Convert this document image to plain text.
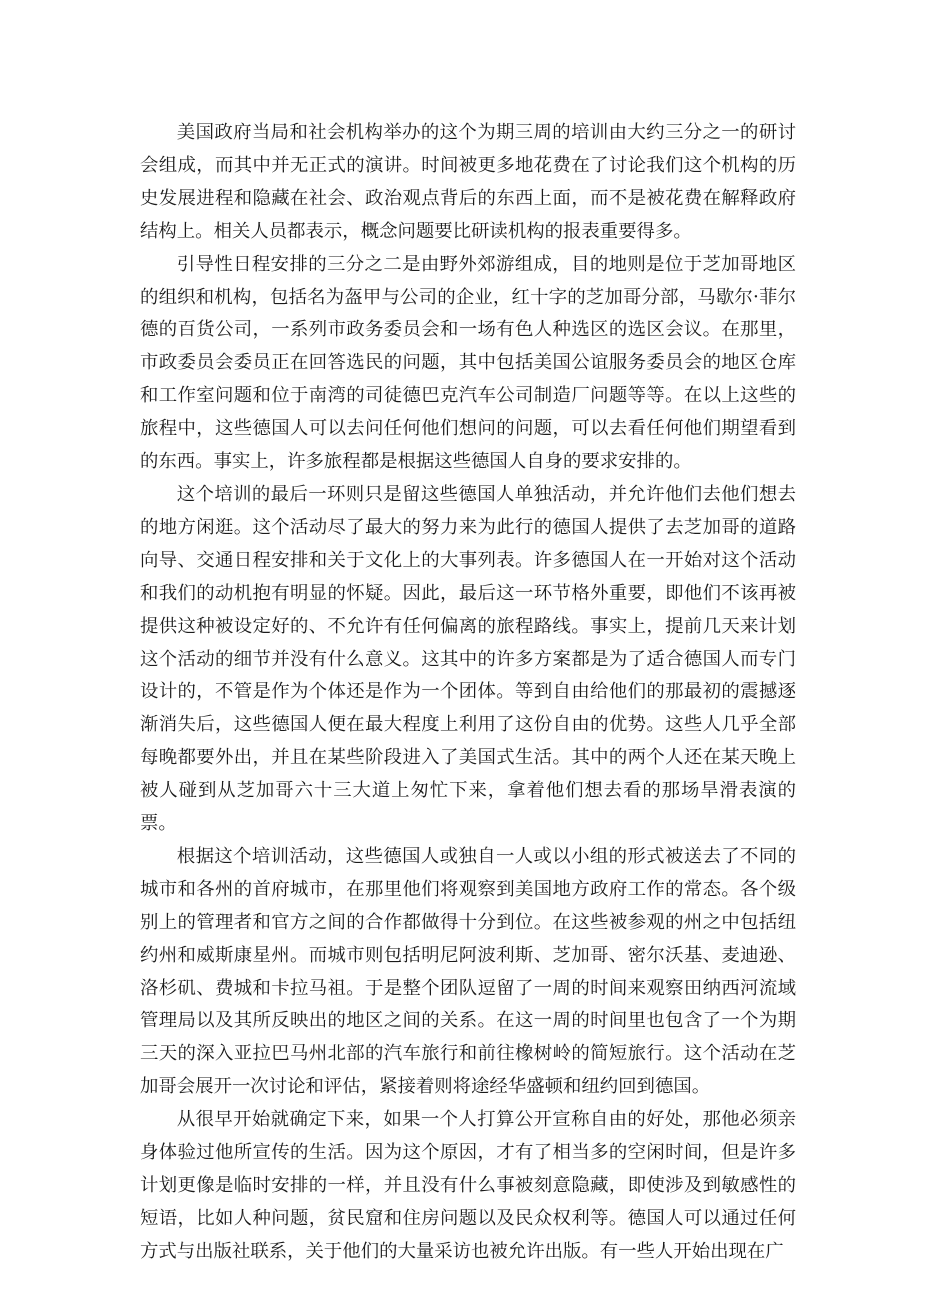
美国政府当局和社会机构举办的这个为期三周的培训由大约三分之一的研讨会组成，而其中并无正式的演讲。时间被更多地花费在了讨论我们这个机构的历史发展进程和隐藏在社会、政治观点背后的东西上面，而不是被花费在解释政府结构上。相关人员都表示，概念问题要比研读机构的报表重要得多。

引导性日程安排的三分之二是由野外郊游组成，目的地则是位于芝加哥地区的组织和机构，包括名为盔甲与公司的企业，红十字的芝加哥分部，马歇尔·菲尔德的百货公司，一系列市政务委员会和一场有色人种选区的选区会议。在那里，市政委员会委员正在回答选民的问题，其中包括美国公谊服务委员会的地区仓库和工作室问题和位于南湾的司徒德巴克汽车公司制造厂问题等等。在以上这些的旅程中，这些德国人可以去问任何他们想问的问题，可以去看任何他们期望看到的东西。事实上，许多旅程都是根据这些德国人自身的要求安排的。

这个培训的最后一环则只是留这些德国人单独活动，并允许他们去他们想去的地方闲逛。这个活动尽了最大的努力来为此行的德国人提供了去芝加哥的道路向导、交通日程安排和关于文化上的大事列表。许多德国人在一开始对这个活动和我们的动机抱有明显的怀疑。因此，最后这一环节格外重要，即他们不该再被提供这种被设定好的、不允许有任何偏离的旅程路线。事实上，提前几天来计划这个活动的细节并没有什么意义。这其中的许多方案都是为了适合德国人而专门设计的，不管是作为个体还是作为一个团体。等到自由给他们的那最初的震撼逐渐消失后，这些德国人便在最大程度上利用了这份自由的优势。这些人几乎全部每晚都要外出，并且在某些阶段进入了美国式生活。其中的两个人还在某天晚上被人碰到从芝加哥六十三大道上匆忙下来，拿着他们想去看的那场旱滑表演的票。

根据这个培训活动，这些德国人或独自一人或以小组的形式被送去了不同的城市和各州的首府城市，在那里他们将观察到美国地方政府工作的常态。各个级别上的管理者和官方之间的合作都做得十分到位。在这些被参观的州之中包括纽约州和威斯康星州。而城市则包括明尼阿波利斯、芝加哥、密尔沃基、麦迪逊、洛杉矶、费城和卡拉马祖。于是整个团队逗留了一周的时间来观察田纳西河流域管理局以及其所反映出的地区之间的关系。在这一周的时间里也包含了一个为期三天的深入亚拉巴马州北部的汽车旅行和前往橡树岭的简短旅行。这个活动在芝加哥会展开一次讨论和评估，紧接着则将途经华盛顿和纽约回到德国。

从很早开始就确定下来，如果一个人打算公开宣称自由的好处，那他必须亲身体验过他所宣传的生活。因为这个原因，才有了相当多的空闲时间，但是许多计划更像是临时安排的一样，并且没有什么事被刻意隐藏，即使涉及到敏感性的短语，比如人种问题，贫民窟和住房问题以及民众权利等。德国人可以通过任何方式与出版社联系，关于他们的大量采访也被允许出版。有一些人开始出现在广
